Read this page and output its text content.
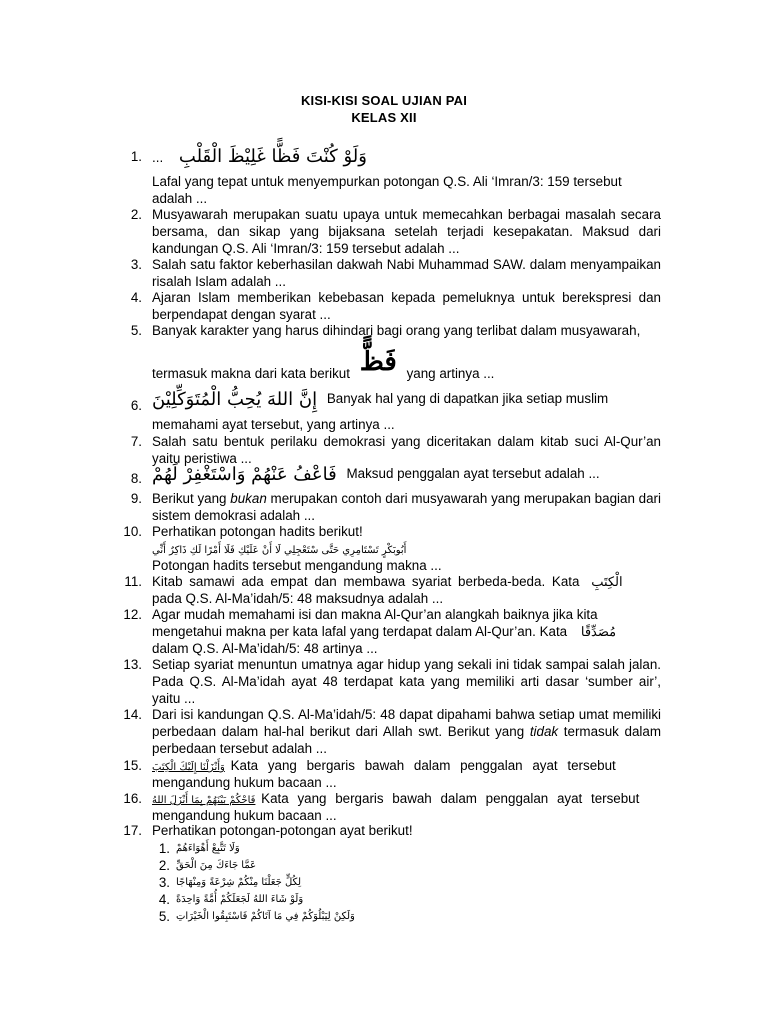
KISI-KISI SOAL UJIAN PAI
KELAS XII
1. ... وَلَوْ كُنْتَ فَظًّا غَلِيْظَ الْقَلْبِ
Lafal yang tepat untuk menyempurkan potongan Q.S. Ali ‘Imran/3: 159 tersebut
adalah ...
2. Musyawarah merupakan suatu upaya untuk memecahkan berbagai masalah secara bersama, dan sikap yang bijaksana setelah terjadi kesepakatan. Maksud dari kandungan Q.S. Ali ‘Imran/3: 159 tersebut adalah ...
3. Salah satu faktor keberhasilan dakwah Nabi Muhammad SAW. dalam menyampaikan risalah Islam adalah ...
4. Ajaran Islam memberikan kebebasan kepada pemeluknya untuk berekspresi dan berpendapat dengan syarat ...
5. Banyak karakter yang harus dihindari bagi orang yang terlibat dalam musyawarah,
termasuk makna dari kata berikut فَظًّ yang artinya ...
6. إِنَّ اللهَ يُحِبُّ الْمُتَوَكِّلِيْنَ Banyak hal yang di dapatkan jika setiap muslim
memahami ayat tersebut, yang artinya ...
7. Salah satu bentuk perilaku demokrasi yang diceritakan dalam kitab suci Al-Qur’an yaitu peristiwa ...
8. فَاعْفُ عَنْهُمْ وَاسْتَغْفِرْ لَهُمْ Maksud penggalan ayat tersebut adalah ...
9. Berikut yang bukan merupakan contoh dari musyawarah yang merupakan bagian dari sistem demokrasi adalah ...
10. Perhatikan potongan hadits berikut!
أَبُوبَكْرٍ تَسْتَامِرِي حَتَّى سْتَعْجِلِي لَا أَنْ عَلَيْكِ فَلَا أَمْرًا لَكِ ذَاكِرٌ أَنِّي
Potongan hadits tersebut mengandung makna ...
11. Kitab samawi ada empat dan membawa syariat berbeda-beda. Kata الْكِتَبِ
pada Q.S. Al-Ma’idah/5: 48 maksudnya adalah ...
12. Agar mudah memahami isi dan makna Al-Qur’an alangkah baiknya jika kita
mengetahui makna per kata lafal yang terdapat dalam Al-Qur’an. Kata مُصَدِّقًا
dalam Q.S. Al-Ma’idah/5: 48 artinya ...
13. Setiap syariat menuntun umatnya agar hidup yang sekali ini tidak sampai salah jalan. Pada Q.S. Al-Ma’idah ayat 48 terdapat kata yang memiliki arti dasar ‘sumber air’, yaitu ...
14. Dari isi kandungan Q.S. Al-Ma’idah/5: 48 dapat dipahami bahwa setiap umat memiliki perbedaan dalam hal-hal berikut dari Allah swt. Berikut yang tidak termasuk dalam perbedaan tersebut adalah ...
15. وَأَنْزَلْنَا إِلَيْكَ الْكِتَبَ Kata yang bergaris bawah dalam penggalan ayat tersebut
mengandung hukum bacaan ...
16. فَاحْكُمْ بَيْنَهُمْ بِمَا أَنْزَلَ اللهُ Kata yang bergaris bawah dalam penggalan ayat tersebut
mengandung hukum bacaan ...
17. Perhatikan potongan-potongan ayat berikut!
1. وَلَا تَتَّبِعْ أَهْوَاءَهُمْ
2. عَمَّا جَاءَكَ مِنَ الْحَقِّ
3. لِكُلٍّ جَعَلْنَا مِنْكُمْ شِرْعَةً وَمِنْهَاجًا
4. وَلَوْ شَاءَ اللهُ لَجَعَلَكُمْ أُمَّةً وَاحِدَةً
5. وَلَكِنْ لِيَبْلُوَكُمْ فِي مَا آتَاكُمْ فَاسْتَبِقُوا الْخَيْرَاتِ
